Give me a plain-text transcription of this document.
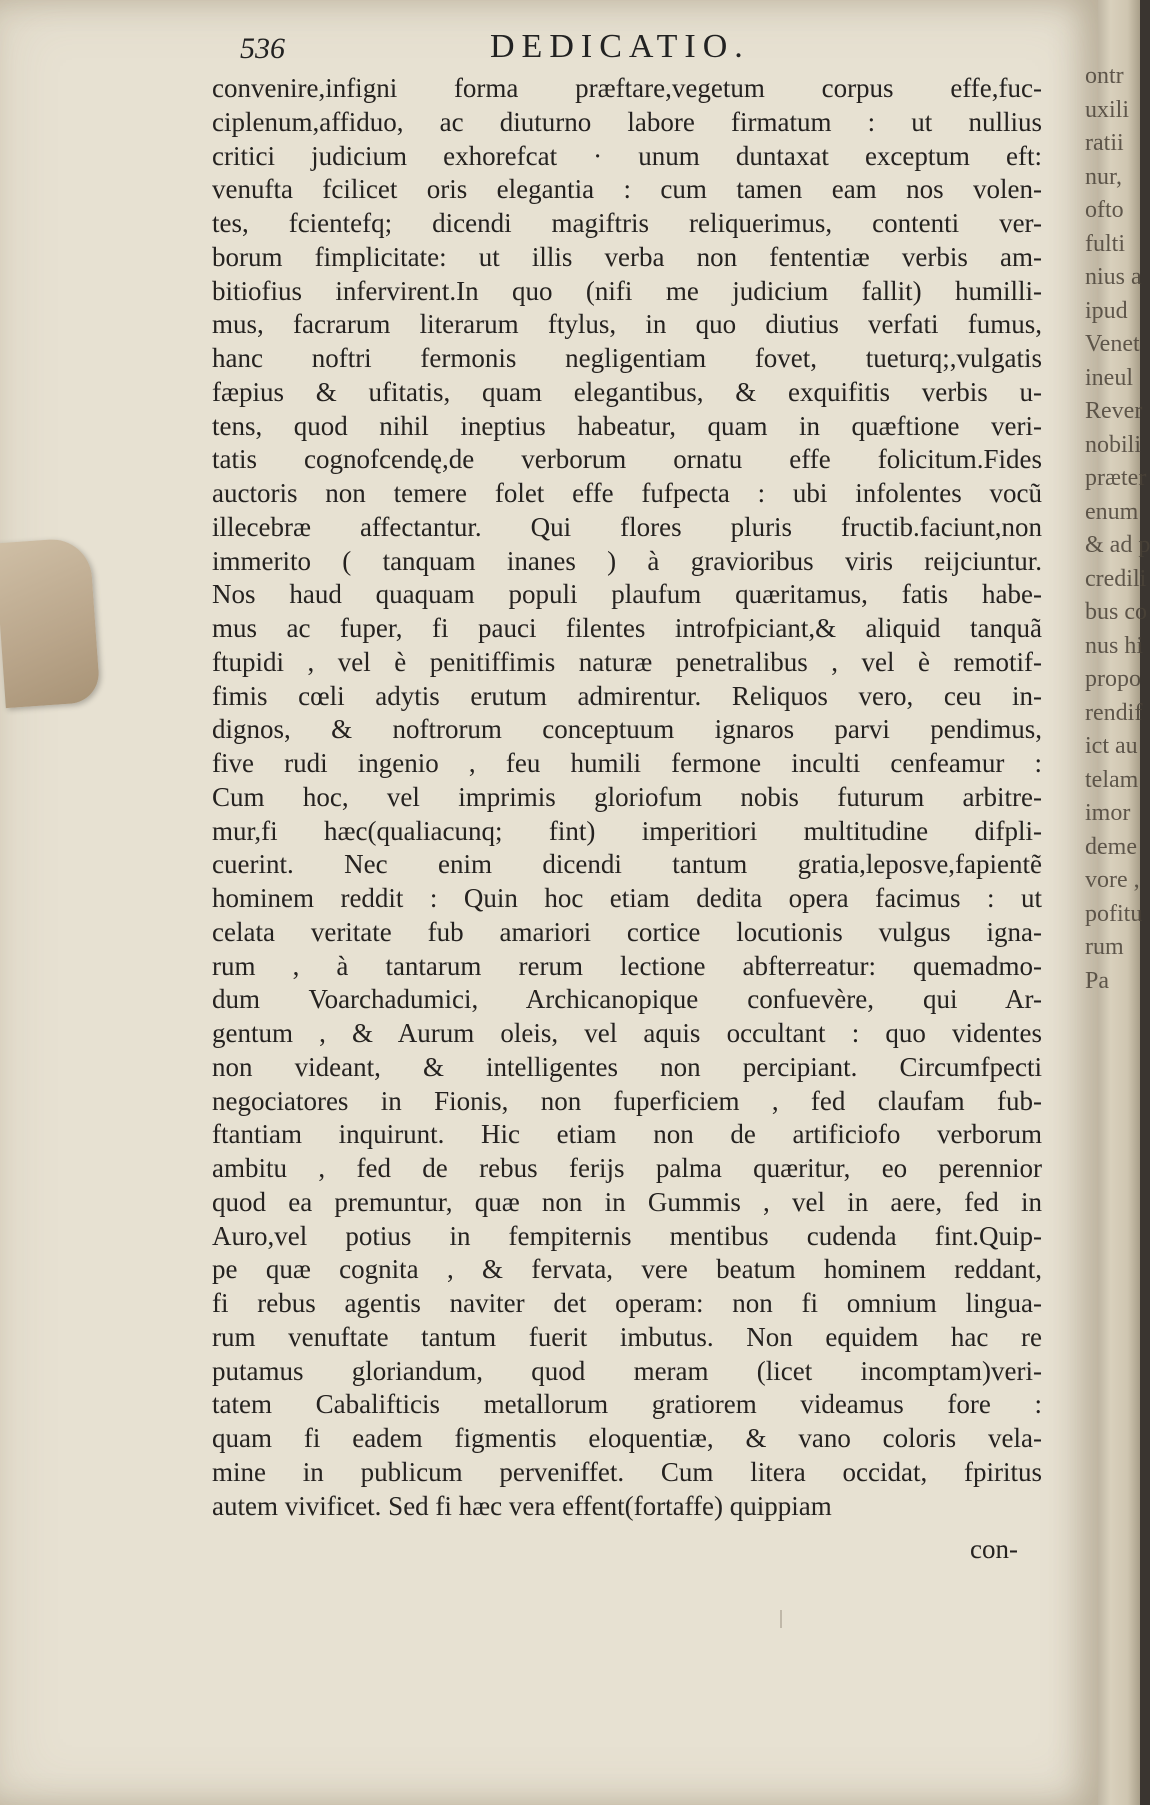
ontr
uxili
ratii
nur,
ofto
fulti
nius a
ipud
Venet
ineul
Rever
nobili
præter
enum
& ad p
credili
bus co
nus hi
propo
rendif
ict au
telam
imor
deme
vore ,
pofitu
rum
Pa
536	DEDICATIO.
convenire,infigni forma præftare,vegetum corpus effe,fuc-
ciplenum,affiduo, ac diuturno labore firmatum : ut nullius
critici judicium exhorefcat · unum duntaxat exceptum eft:
venufta fcilicet oris elegantia : cum tamen eam nos volen-
tes, fcientefq; dicendi magiftris reliquerimus, contenti ver-
borum fimplicitate: ut illis verba non fententiæ verbis am-
bitiofius infervirent.In quo (nifi me judicium fallit) humilli-
mus, facrarum literarum ftylus, in quo diutius verfati fumus,
hanc noftri fermonis negligentiam fovet, tueturq;,vulgatis
fæpius & ufitatis, quam elegantibus, & exquifitis verbis u-
tens, quod nihil ineptius habeatur, quam in quæftione veri-
tatis cognofcendę,de verborum ornatu effe folicitum.Fides
auctoris non temere folet effe fufpecta : ubi infolentes vocũ
illecebræ affectantur. Qui flores pluris fructib.faciunt,non
immerito ( tanquam inanes ) à gravioribus viris reijciuntur.
Nos haud quaquam populi plaufum quæritamus, fatis habe-
mus ac fuper, fi pauci filentes introfpiciant,& aliquid tanquã
ftupidi , vel è penitiffimis naturæ penetralibus , vel è remotif-
fimis cœli adytis erutum admirentur. Reliquos vero, ceu in-
dignos, & noftrorum conceptuum ignaros parvi pendimus,
five rudi ingenio , feu humili fermone inculti cenfeamur :
Cum hoc, vel imprimis gloriofum nobis futurum arbitre-
mur,fi hæc(qualiacunq; fint) imperitiori multitudine difpli-
cuerint. Nec enim dicendi tantum gratia,leposve,fapientẽ
hominem reddit : Quin hoc etiam dedita opera facimus : ut
celata veritate fub amariori cortice locutionis vulgus igna-
rum , à tantarum rerum lectione abfterreatur: quemadmo-
dum Voarchadumici, Archicanopique confuevère, qui Ar-
gentum , & Aurum oleis, vel aquis occultant : quo videntes
non videant, & intelligentes non percipiant. Circumfpecti
negociatores in Fionis, non fuperficiem , fed claufam fub-
ftantiam inquirunt. Hic etiam non de artificiofo verborum
ambitu , fed de rebus ferijs palma quæritur, eo perennior
quod ea premuntur, quæ non in Gummis , vel in aere, fed in
Auro,vel potius in fempiternis mentibus cudenda fint.Quip-
pe quæ cognita , & fervata, vere beatum hominem reddant,
fi rebus agentis naviter det operam: non fi omnium lingua-
rum venuftate tantum fuerit imbutus. Non equidem hac re
putamus gloriandum, quod meram (licet incomptam)veri-
tatem Cabalifticis metallorum gratiorem videamus fore :
quam fi eadem figmentis eloquentiæ, & vano coloris vela-
mine in publicum perveniffet. Cum litera occidat, fpiritus
autem vivificet. Sed fi hæc vera effent(fortaffe) quippiam
con-
